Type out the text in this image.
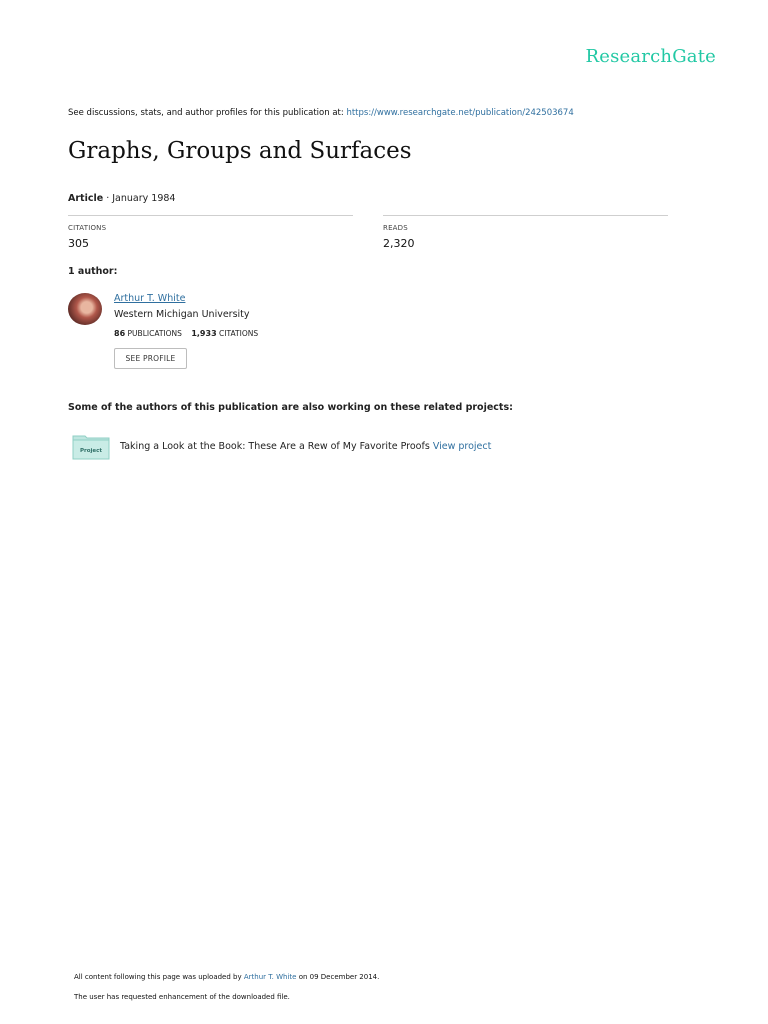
ResearchGate
See discussions, stats, and author profiles for this publication at: https://www.researchgate.net/publication/242503674
Graphs, Groups and Surfaces
Article · January 1984
CITATIONS
305
READS
2,320
1 author:
Arthur T. White
Western Michigan University
86 PUBLICATIONS 1,933 CITATIONS
SEE PROFILE
Some of the authors of this publication are also working on these related projects:
Project Taking a Look at the Book: These Are a Rew of My Favorite Proofs View project
All content following this page was uploaded by Arthur T. White on 09 December 2014.
The user has requested enhancement of the downloaded file.
